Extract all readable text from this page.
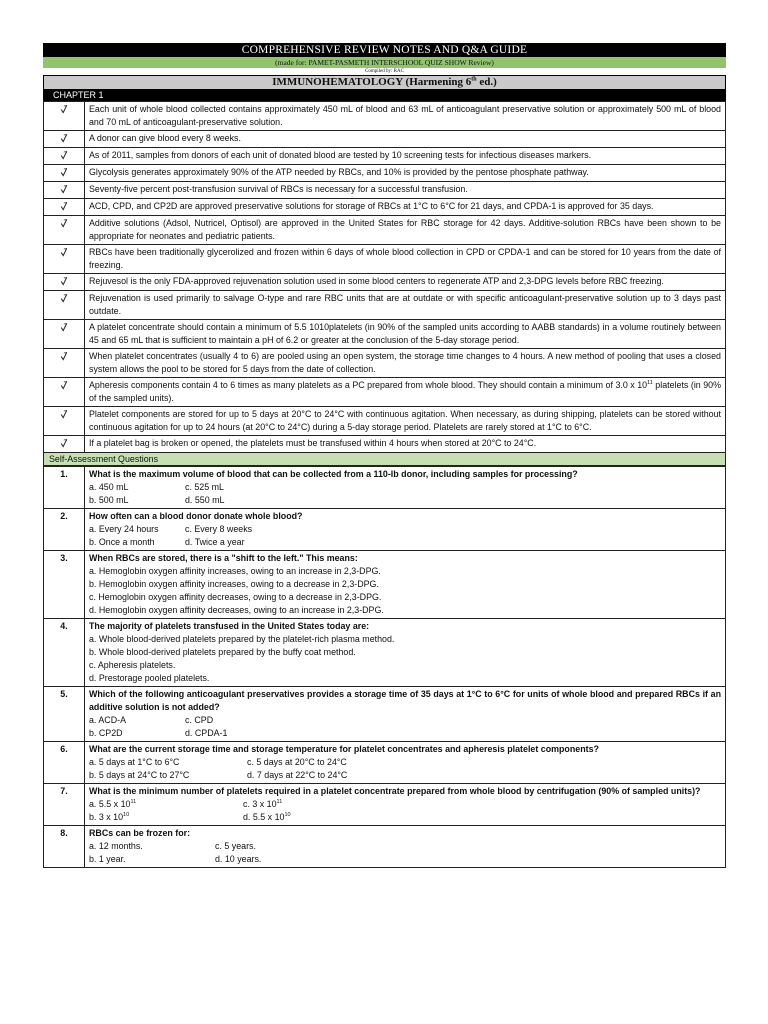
COMPREHENSIVE REVIEW NOTES AND Q&A GUIDE
(made for: PAMET-PASMETH INTERSCHOOL QUIZ SHOW Review)
Compiled by: RAC
IMMUNOHEMATOLOGY (Harmening 6th ed.)
CHAPTER 1
	Each unit of whole blood collected contains approximately 450 mL of blood and 63 mL of anticoagulant preservative solution or approximately 500 mL of blood and 70 mL of anticoagulant-preservative solution.
	A donor can give blood every 8 weeks.
	As of 2011, samples from donors of each unit of donated blood are tested by 10 screening tests for infectious diseases markers.
	Glycolysis generates approximately 90% of the ATP needed by RBCs, and 10% is provided by the pentose phosphate pathway.
	Seventy-five percent post-transfusion survival of RBCs is necessary for a successful transfusion.
	ACD, CPD, and CP2D are approved preservative solutions for storage of RBCs at 1°C to 6°C for 21 days, and CPDA-1 is approved for 35 days.
	Additive solutions (Adsol, Nutricel, Optisol) are approved in the United States for RBC storage for 42 days. Additive-solution RBCs have been shown to be appropriate for neonates and pediatric patients.
	RBCs have been traditionally glycerolized and frozen within 6 days of whole blood collection in CPD or CPDA-1 and can be stored for 10 years from the date of freezing.
	Rejuvesol is the only FDA-approved rejuvenation solution used in some blood centers to regenerate ATP and 2,3-DPG levels before RBC freezing.
	Rejuvenation is used primarily to salvage O-type and rare RBC units that are at outdate or with specific anticoagulant-preservative solution up to 3 days past outdate.
	A platelet concentrate should contain a minimum of 5.5 1010platelets (in 90% of the sampled units according to AABB standards) in a volume routinely between 45 and 65 mL that is sufficient to maintain a pH of 6.2 or greater at the conclusion of the 5-day storage period.
	When platelet concentrates (usually 4 to 6) are pooled using an open system, the storage time changes to 4 hours. A new method of pooling that uses a closed system allows the pool to be stored for 5 days from the date of collection.
	Apheresis components contain 4 to 6 times as many platelets as a PC prepared from whole blood. They should contain a minimum of 3.0 x $10^{11}$ platelets (in 90% of the sampled units).
	Platelet components are stored for up to 5 days at 20°C to 24°C with continuous agitation. When necessary, as during shipping, platelets can be stored without continuous agitation for up to 24 hours (at 20°C to 24°C) during a 5-day storage period. Platelets are rarely stored at 1°C to 6°C.
	If a platelet bag is broken or opened, the platelets must be transfused within 4 hours when stored at 20°C to 24°C.
Self-Assessment Questions
1.	What is the maximum volume of blood that can be collected from a 110-lb donor, including samples for processing?
a. 450 mL c. 525 mL
b. 500 mL d. 550 mL

2.	How often can a blood donor donate whole blood?
a. Every 24 hours c. Every 8 weeks
b. Once a month d. Twice a year

3.	When RBCs are stored, there is a "shift to the left." This means:
a. Hemoglobin oxygen affinity increases, owing to an increase in 2,3-DPG.
b. Hemoglobin oxygen affinity increases, owing to a decrease in 2,3-DPG.
c. Hemoglobin oxygen affinity decreases, owing to a decrease in 2,3-DPG.
d. Hemoglobin oxygen affinity decreases, owing to an increase in 2,3-DPG.

4.	The majority of platelets transfused in the United States today are:
a. Whole blood-derived platelets prepared by the platelet-rich plasma method.
b. Whole blood-derived platelets prepared by the buffy coat method.
c. Apheresis platelets.
d. Prestorage pooled platelets.

5.	Which of the following anticoagulant preservatives provides a storage time of 35 days at 1°C to 6°C for units of whole blood and prepared RBCs if an additive solution is not added?
a. ACD-A c. CPD
b. CP2D d. CPDA-1

6.	What are the current storage time and storage temperature for platelet concentrates and apheresis platelet components?
a. 5 days at 1°C to 6°C c. 5 days at 20°C to 24°C
b. 5 days at 24°C to 27°C d. 7 days at 22°C to 24°C

7.	What is the minimum number of platelets required in a platelet concentrate prepared from whole blood by centrifugation (90% of sampled units)?
a. 5.5 x $10^{11}$ c. 3 x $10^{11}$
b. 3 x $10^{10}$ d. 5.5 x $10^{10}$

8.	RBCs can be frozen for:
a. 12 months. c. 5 years.
b. 1 year. d. 10 years.
